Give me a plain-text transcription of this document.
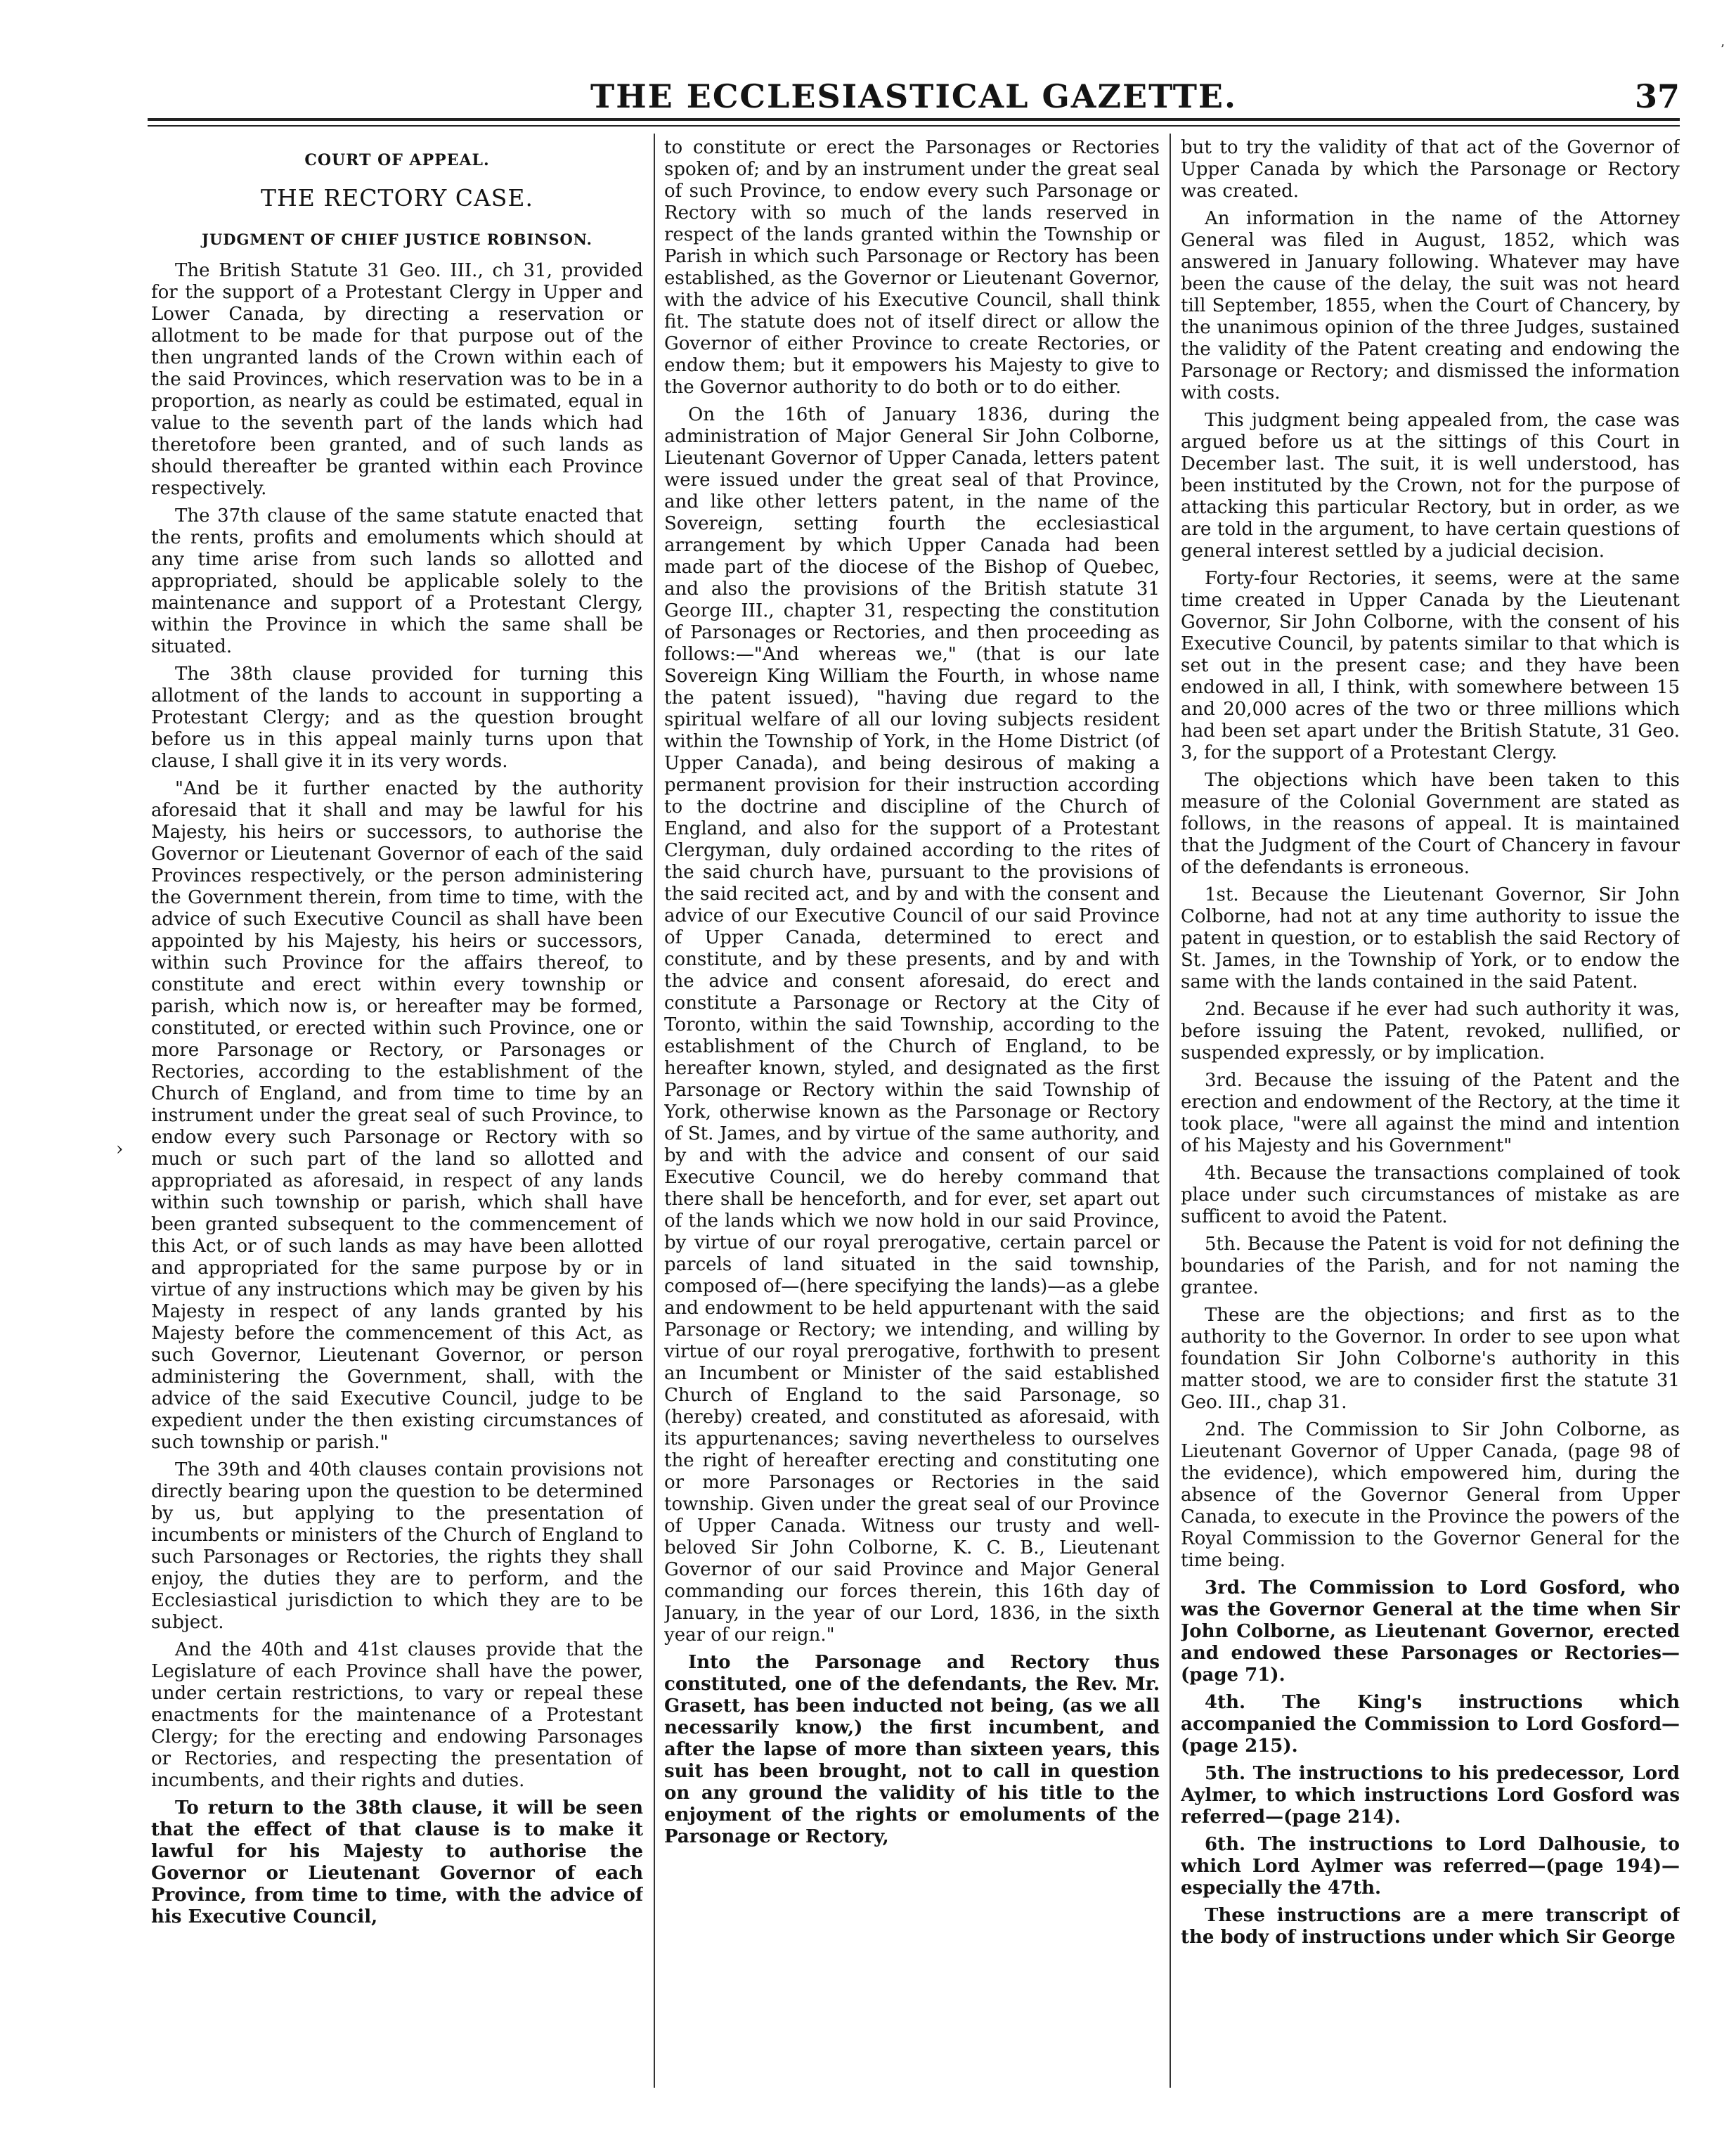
THE ECCLESIASTICAL GAZETTE.	37
COURT OF APPEAL.
THE RECTORY CASE.
JUDGMENT OF CHIEF JUSTICE ROBINSON.

The British Statute 31 Geo. III., ch 31, provided for the support of a Protestant Clergy in Upper and Lower Canada, by directing a reservation or allotment to be made for that purpose out of the then ungranted lands of the Crown within each of the said Provinces, which reservation was to be in a proportion, as nearly as could be estimated, equal in value to the seventh part of the lands which had theretofore been granted, and of such lands as should thereafter be granted within each Province respectively.

The 37th clause of the same statute enacted that the rents, profits and emoluments which should at any time arise from such lands so allotted and appropriated, should be applicable solely to the maintenance and support of a Protestant Clergy, within the Province in which the same shall be situated.

The 38th clause provided for turning this allotment of the lands to account in supporting a Protestant Clergy; and as the question brought before us in this appeal mainly turns upon that clause, I shall give it in its very words.

"And be it further enacted by the authority aforesaid that it shall and may be lawful for his Majesty, his heirs or successors, to authorise the Governor or Lieutenant Governor of each of the said Provinces respectively, or the person administering the Government therein, from time to time, with the advice of such Executive Council as shall have been appointed by his Majesty, his heirs or successors, within such Province for the affairs thereof, to constitute and erect within every township or parish, which now is, or hereafter may be formed, constituted, or erected within such Province, one or more Parsonage or Rectory, or Parsonages or Rectories, according to the establishment of the Church of England, and from time to time by an instrument under the great seal of such Province, to endow every such Parsonage or Rectory with so much or such part of the land so allotted and appropriated as aforesaid, in respect of any lands within such township or parish, which shall have been granted subsequent to the commencement of this Act, or of such lands as may have been allotted and appropriated for the same purpose by or in virtue of any instructions which may be given by his Majesty in respect of any lands granted by his Majesty before the commencement of this Act, as such Governor, Lieutenant Governor, or person administering the Government, shall, with the advice of the said Executive Council, judge to be expedient under the then existing circumstances of such township or parish."

The 39th and 40th clauses contain provisions not directly bearing upon the question to be determined by us, but applying to the presentation of incumbents or ministers of the Church of England to such Parsonages or Rectories, the rights they shall enjoy, the duties they are to perform, and the Ecclesiastical jurisdiction to which they are to be subject.

And the 40th and 41st clauses provide that the Legislature of each Province shall have the power, under certain restrictions, to vary or repeal these enactments for the maintenance of a Protestant Clergy; for the erecting and endowing Parsonages or Rectories, and respecting the presentation of incumbents, and their rights and duties.

To return to the 38th clause, it will be seen that the effect of that clause is to make it lawful for his Majesty to authorise the Governor or Lieutenant Governor of each Province, from time to time, with the advice of his Executive Council,

to constitute or erect the Parsonages or Rectories spoken of; and by an instrument under the great seal of such Province, to endow every such Parsonage or Rectory with so much of the lands reserved in respect of the lands granted within the Township or Parish in which such Parsonage or Rectory has been established, as the Governor or Lieutenant Governor, with the advice of his Executive Council, shall think fit. The statute does not of itself direct or allow the Governor of either Province to create Rectories, or endow them; but it empowers his Majesty to give to the Governor authority to do both or to do either.

On the 16th of January 1836, during the administration of Major General Sir John Colborne, Lieutenant Governor of Upper Canada, letters patent were issued under the great seal of that Province, and like other letters patent, in the name of the Sovereign, setting fourth the ecclesiastical arrangement by which Upper Canada had been made part of the diocese of the Bishop of Quebec, and also the provisions of the British statute 31 George III., chapter 31, respecting the constitution of Parsonages or Rectories, and then proceeding as follows:—"And whereas we," (that is our late Sovereign King William the Fourth, in whose name the patent issued), "having due regard to the spiritual welfare of all our loving subjects resident within the Township of York, in the Home District (of Upper Canada), and being desirous of making a permanent provision for their instruction according to the doctrine and discipline of the Church of England, and also for the support of a Protestant Clergyman, duly ordained according to the rites of the said church have, pursuant to the provisions of the said recited act, and by and with the consent and advice of our Executive Council of our said Province of Upper Canada, determined to erect and constitute, and by these presents, and by and with the advice and consent aforesaid, do erect and constitute a Parsonage or Rectory at the City of Toronto, within the said Township, according to the establishment of the Church of England, to be hereafter known, styled, and designated as the first Parsonage or Rectory within the said Township of York, otherwise known as the Parsonage or Rectory of St. James, and by virtue of the same authority, and by and with the advice and consent of our said Executive Council, we do hereby command that there shall be henceforth, and for ever, set apart out of the lands which we now hold in our said Province, by virtue of our royal prerogative, certain parcel or parcels of land situated in the said township, composed of—(here specifying the lands)—as a glebe and endowment to be held appurtenant with the said Parsonage or Rectory; we intending, and willing by virtue of our royal prerogative, forthwith to present an Incumbent or Minister of the said established Church of England to the said Parsonage, so (hereby) created, and constituted as aforesaid, with its appurtenances; saving nevertheless to ourselves the right of hereafter erecting and constituting one or more Parsonages or Rectories in the said township. Given under the great seal of our Province of Upper Canada. Witness our trusty and well-beloved Sir John Colborne, K. C. B., Lieutenant Governor of our said Province and Major General commanding our forces therein, this 16th day of January, in the year of our Lord, 1836, in the sixth year of our reign."

Into the Parsonage and Rectory thus constituted, one of the defendants, the Rev. Mr. Grasett, has been inducted not being, (as we all necessarily know,) the first incumbent, and after the lapse of more than sixteen years, this suit has been brought, not to call in question on any ground the validity of his title to the enjoyment of the rights or emoluments of the Parsonage or Rectory,

but to try the validity of that act of the Governor of Upper Canada by which the Parsonage or Rectory was created.

An information in the name of the Attorney General was filed in August, 1852, which was answered in January following. Whatever may have been the cause of the delay, the suit was not heard till September, 1855, when the Court of Chancery, by the unanimous opinion of the three Judges, sustained the validity of the Patent creating and endowing the Parsonage or Rectory; and dismissed the information with costs.

This judgment being appealed from, the case was argued before us at the sittings of this Court in December last. The suit, it is well understood, has been instituted by the Crown, not for the purpose of attacking this particular Rectory, but in order, as we are told in the argument, to have certain questions of general interest settled by a judicial decision.

Forty-four Rectories, it seems, were at the same time created in Upper Canada by the Lieutenant Governor, Sir John Colborne, with the consent of his Executive Council, by patents similar to that which is set out in the present case; and they have been endowed in all, I think, with somewhere between 15 and 20,000 acres of the two or three millions which had been set apart under the British Statute, 31 Geo. 3, for the support of a Protestant Clergy.

The objections which have been taken to this measure of the Colonial Government are stated as follows, in the reasons of appeal. It is maintained that the Judgment of the Court of Chancery in favour of the defendants is erroneous.

1st. Because the Lieutenant Governor, Sir John Colborne, had not at any time authority to issue the patent in question, or to establish the said Rectory of St. James, in the Township of York, or to endow the same with the lands contained in the said Patent.

2nd. Because if he ever had such authority it was, before issuing the Patent, revoked, nullified, or suspended expressly, or by implication.

3rd. Because the issuing of the Patent and the erection and endowment of the Rectory, at the time it took place, "were all against the mind and intention of his Majesty and his Government"

4th. Because the transactions complained of took place under such circumstances of mistake as are sufficent to avoid the Patent.

5th. Because the Patent is void for not defining the boundaries of the Parish, and for not naming the grantee.

These are the objections; and first as to the authority to the Governor. In order to see upon what foundation Sir John Colborne's authority in this matter stood, we are to consider first the statute 31 Geo. III., chap 31.

2nd. The Commission to Sir John Colborne, as Lieutenant Governor of Upper Canada, (page 98 of the evidence), which empowered him, during the absence of the Governor General from Upper Canada, to execute in the Province the powers of the Royal Commission to the Governor General for the time being.

3rd. The Commission to Lord Gosford, who was the Governor General at the time when Sir John Colborne, as Lieutenant Governor, erected and endowed these Parsonages or Rectories—(page 71).

4th. The King's instructions which accompanied the Commission to Lord Gosford—(page 215).

5th. The instructions to his predecessor, Lord Aylmer, to which instructions Lord Gosford was referred—(page 214).

6th. The instructions to Lord Dalhousie, to which Lord Aylmer was referred—(page 194)—especially the 47th.

These instructions are a mere transcript of the body of instructions under which Sir George

›
’
